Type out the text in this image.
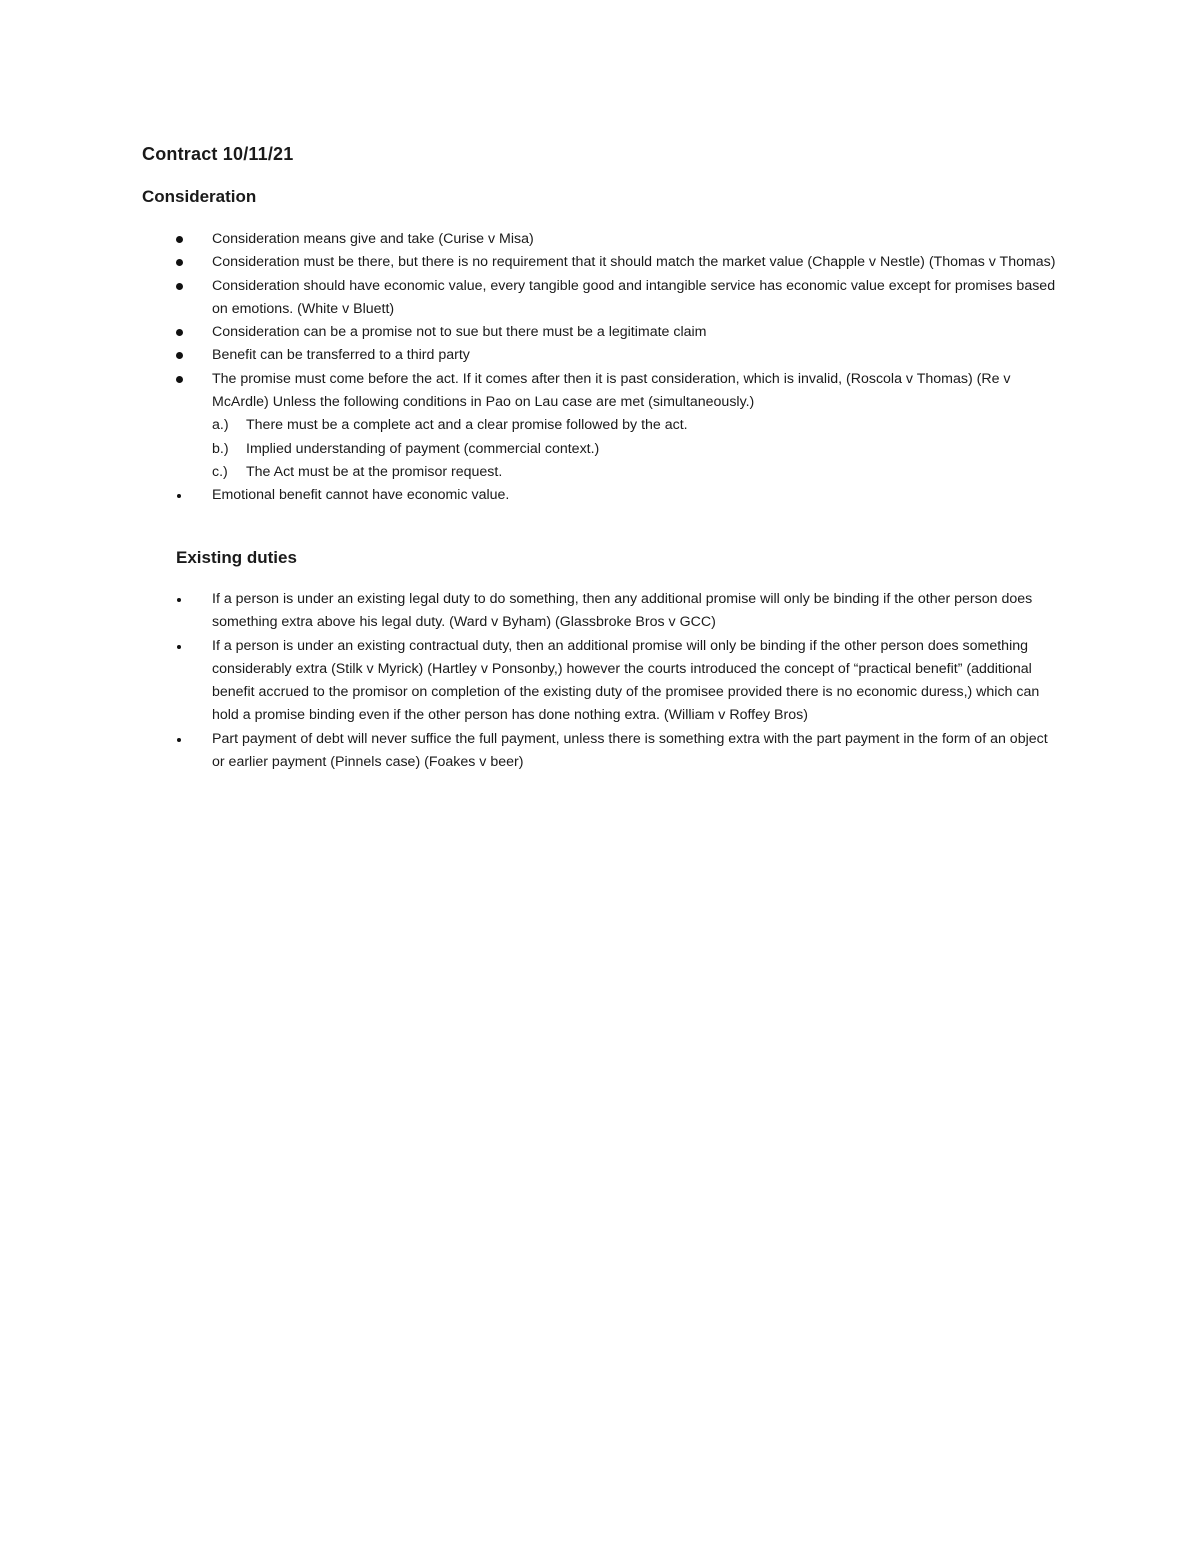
Contract 10/11/21
Consideration
Consideration means give and take (Curise v Misa)
Consideration must be there, but there is no requirement that it should match the market value (Chapple v Nestle) (Thomas v Thomas)
Consideration should have economic value, every tangible good and intangible service has economic value except for promises based on emotions. (White v Bluett)
Consideration can be a promise not to sue but there must be a legitimate claim
Benefit can be transferred to a third party
The promise must come before the act. If it comes after then it is past consideration, which is invalid, (Roscola v Thomas) (Re v McArdle) Unless the following conditions in Pao on Lau case are met (simultaneously.)
a.) There must be a complete act and a clear promise followed by the act.
b.) Implied understanding of payment (commercial context.)
c.) The Act must be at the promisor request.
Emotional benefit cannot have economic value.
Existing duties
If a person is under an existing legal duty to do something, then any additional promise will only be binding if the other person does something extra above his legal duty. (Ward v Byham) (Glassbroke Bros v GCC)
If a person is under an existing contractual duty, then an additional promise will only be binding if the other person does something considerably extra (Stilk v Myrick) (Hartley v Ponsonby,) however the courts introduced the concept of “practical benefit” (additional benefit accrued to the promisor on completion of the existing duty of the promisee provided there is no economic duress,) which can hold a promise binding even if the other person has done nothing extra. (William v Roffey Bros)
Part payment of debt will never suffice the full payment, unless there is something extra with the part payment in the form of an object or earlier payment (Pinnels case) (Foakes v beer)
